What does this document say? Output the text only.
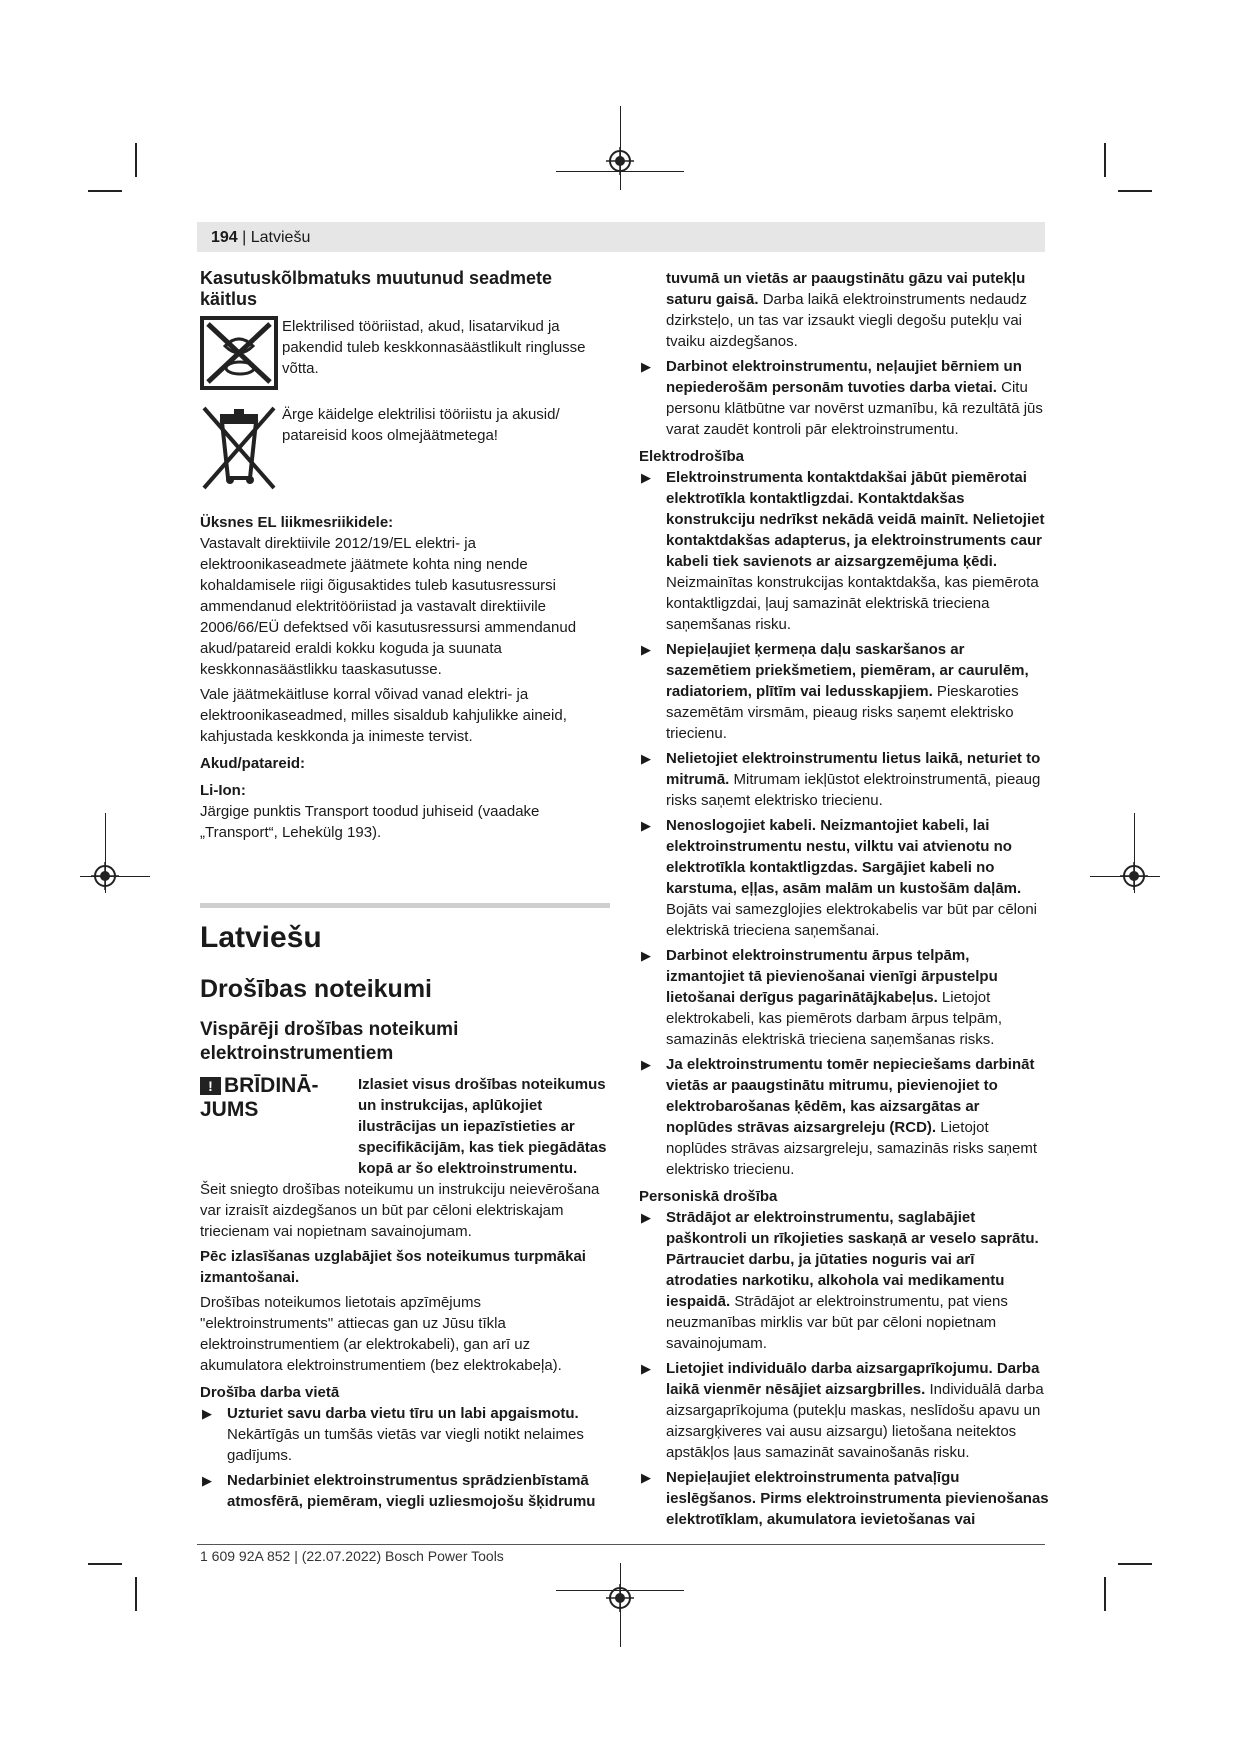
194 | Latviešu
Kasutuskõlbmatuks muutunud seadmete käitlus
Elektrilised tööriistad, akud, lisatarvikud ja pakendid tuleb keskkonnasäästlikult ringlusse võtta.
Ärge käidelge elektrilisi tööriistu ja akusid/ patareisid koos olmejäätmetega!
Üksnes EL liikmesriikidele:

Vastavalt direktiivile 2012/19/EL elektri- ja elektroonikaseadmete jäätmete kohta ning nende kohaldamisele riigi õigusaktides tuleb kasutusressursi ammendanud elektritööriistad ja vastavalt direktiivile 2006/66/EÜ defektsed või kasutusressursi ammendanud akud/patareid eraldi kokku koguda ja suunata keskkonnasäästlikku taaskasutusse.

Vale jäätmekäitluse korral võivad vanad elektri- ja elektroonikaseadmed, milles sisaldub kahjulikke aineid, kahjustada keskkonda ja inimeste tervist.

Akud/patareid:
Li-Ion:

Järgige punktis Transport toodud juhiseid (vaadake „Transport“, Lehekülg 193).

Latviešu
Drošības noteikumi
Vispārēji drošības noteikumi elektroinstrumentiem
! BRĪDINĀ-JUMS
Izlasiet visus drošības noteikumus un instrukcijas, aplūkojiet ilustrācijas un iepazīstieties ar specifikācijām, kas tiek piegādātas kopā ar šo elektroinstrumentu.

Šeit sniegto drošības noteikumu un instrukciju neievērošana var izraisīt aizdegšanos un būt par cēloni elektriskajam triecienam vai nopietnam savainojumam.

Pēc izlasīšanas uzglabājiet šos noteikumus turpmākai izmantošanai.

Drošības noteikumos lietotais apzīmējums "elektroinstruments" attiecas gan uz Jūsu tīkla elektroinstrumentiem (ar elektrokabeli), gan arī uz akumulatora elektroinstrumentiem (bez elektrokabeļa).

Drošība darba vietā
▶ Uzturiet savu darba vietu tīru un labi apgaismotu. Nekārtīgās un tumšās vietās var viegli notikt nelaimes gadījums.
▶ Nedarbiniet elektroinstrumentus sprādzienbīstamā atmosfērā, piemēram, viegli uzliesmojošu šķidrumu
tuvumā un vietās ar paaugstinātu gāzu vai putekļu saturu gaisā. Darba laikā elektroinstruments nedaudz dzirksteļo, un tas var izsaukt viegli degošu putekļu vai tvaiku aizdegšanos.
▶ Darbinot elektroinstrumentu, neļaujiet bērniem un nepiederošām personām tuvoties darba vietai. Citu personu klātbūtne var novērst uzmanību, kā rezultātā jūs varat zaudēt kontroli pār elektroinstrumentu.
Elektrodrošība
▶ Elektroinstrumenta kontaktdakšai jābūt piemērotai elektrotīkla kontaktligzdai. Kontaktdakšas konstrukciju nedrīkst nekādā veidā mainīt. Nelietojiet kontaktdakšas adapterus, ja elektroinstruments caur kabeli tiek savienots ar aizsargzemējuma ķēdi. Neizmainītas konstrukcijas kontaktdakša, kas piemērota kontaktligzdai, ļauj samazināt elektriskā trieciena saņemšanas risku.
▶ Nepieļaujiet ķermeņa daļu saskaršanos ar sazemētiem priekšmetiem, piemēram, ar caurulēm, radiatoriem, plītīm vai ledusskapjiem. Pieskaroties sazemētām virsmām, pieaug risks saņemt elektrisko triecienu.
▶ Nelietojiet elektroinstrumentu lietus laikā, neturiet to mitrumā. Mitrumam iekļūstot elektroinstrumentā, pieaug risks saņemt elektrisko triecienu.
▶ Nenoslogojiet kabeli. Neizmantojiet kabeli, lai elektroinstrumentu nestu, vilktu vai atvienotu no elektrotīkla kontaktligzdas. Sargājiet kabeli no karstuma, eļļas, asām malām un kustošām daļām. Bojāts vai samezglojies elektrokabelis var būt par cēloni elektriskā trieciena saņemšanai.
▶ Darbinot elektroinstrumentu ārpus telpām, izmantojiet tā pievienošanai vienīgi ārpustelpu lietošanai derīgus pagarinātājkabeļus. Lietojot elektrokabeli, kas piemērots darbam ārpus telpām, samazinās elektriskā trieciena saņemšanas risks.
▶ Ja elektroinstrumentu tomēr nepieciešams darbināt vietās ar paaugstinātu mitrumu, pievienojiet to elektrobarošanas ķēdēm, kas aizsargātas ar noplūdes strāvas aizsargreleju (RCD). Lietojot noplūdes strāvas aizsargreleju, samazinās risks saņemt elektrisko triecienu.
Personiskā drošība
▶ Strādājot ar elektroinstrumentu, saglabājiet paškontroli un rīkojieties saskaņā ar veselo saprātu. Pārtrauciet darbu, ja jūtaties noguris vai arī atrodaties narkotiku, alkohola vai medikamentu iespaidā. Strādājot ar elektroinstrumentu, pat viens neuzmanības mirklis var būt par cēloni nopietnam savainojumam.
▶ Lietojiet individuālo darba aizsargaprīkojumu. Darba laikā vienmēr nēsājiet aizsargbrilles. Individuālā darba aizsargaprīkojuma (putekļu maskas, neslīdošu apavu un aizsargķiveres vai ausu aizsargu) lietošana neitektos apstākļos ļaus samazināt savainošanās risku.
▶ Nepieļaujiet elektroinstrumenta patvaļīgu ieslēgšanos. Pirms elektroinstrumenta pievienošanas elektrotīklam, akumulatora ievietošanas vai
1 609 92A 852 | (22.07.2022) Bosch Power Tools
